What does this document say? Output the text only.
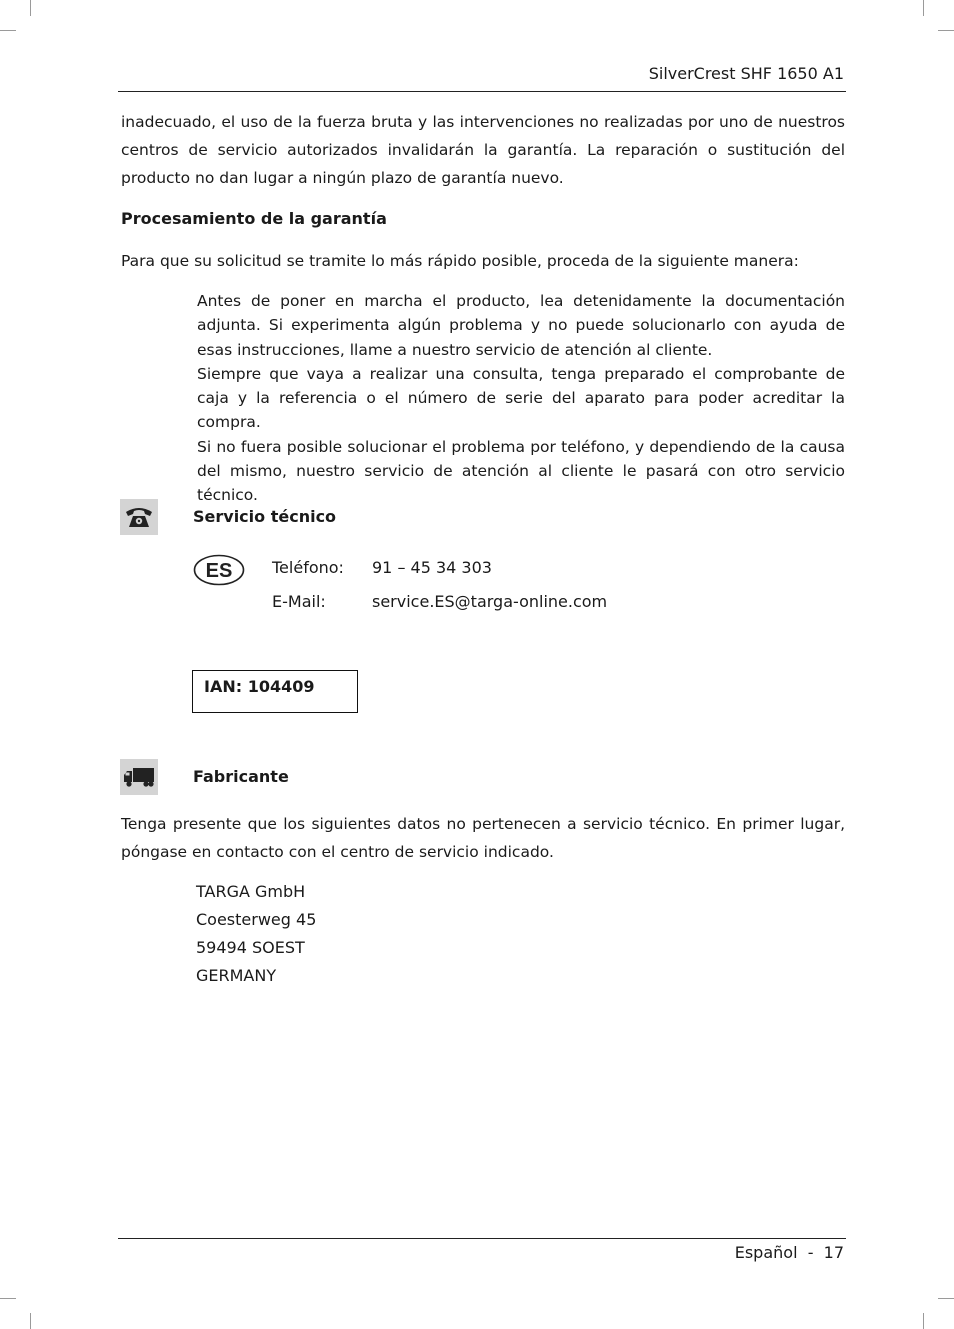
SilverCrest SHF 1650 A1

inadecuado, el uso de la fuerza bruta y las intervenciones no realizadas por uno de nuestros centros de servicio autorizados invalidarán la garantía. La reparación o sustitución del producto no dan lugar a ningún plazo de garantía nuevo.

Procesamiento de la garantía

Para que su solicitud se tramite lo más rápido posible, proceda de la siguiente manera:

Antes de poner en marcha el producto, lea detenidamente la documentación adjunta. Si experimenta algún problema y no puede solucionarlo con ayuda de esas instrucciones, llame a nuestro servicio de atención al cliente.

Siempre que vaya a realizar una consulta, tenga preparado el comprobante de caja y la referencia o el número de serie del aparato para poder acreditar la compra.

Si no fuera posible solucionar el problema por teléfono, y dependiendo de la causa del mismo, nuestro servicio de atención al cliente le pasará con otro servicio técnico.

Servicio técnico
ES Teléfono: 91 – 45 34 303
E-Mail:	service.ES@targa-online.com
IAN: 104409
Fabricante

Tenga presente que los siguientes datos no pertenecen a servicio técnico. En primer lugar, póngase en contacto con el centro de servicio indicado.

TARGA GmbH
Coesterweg 45
59494 SOEST
GERMANY
Español  -  17
